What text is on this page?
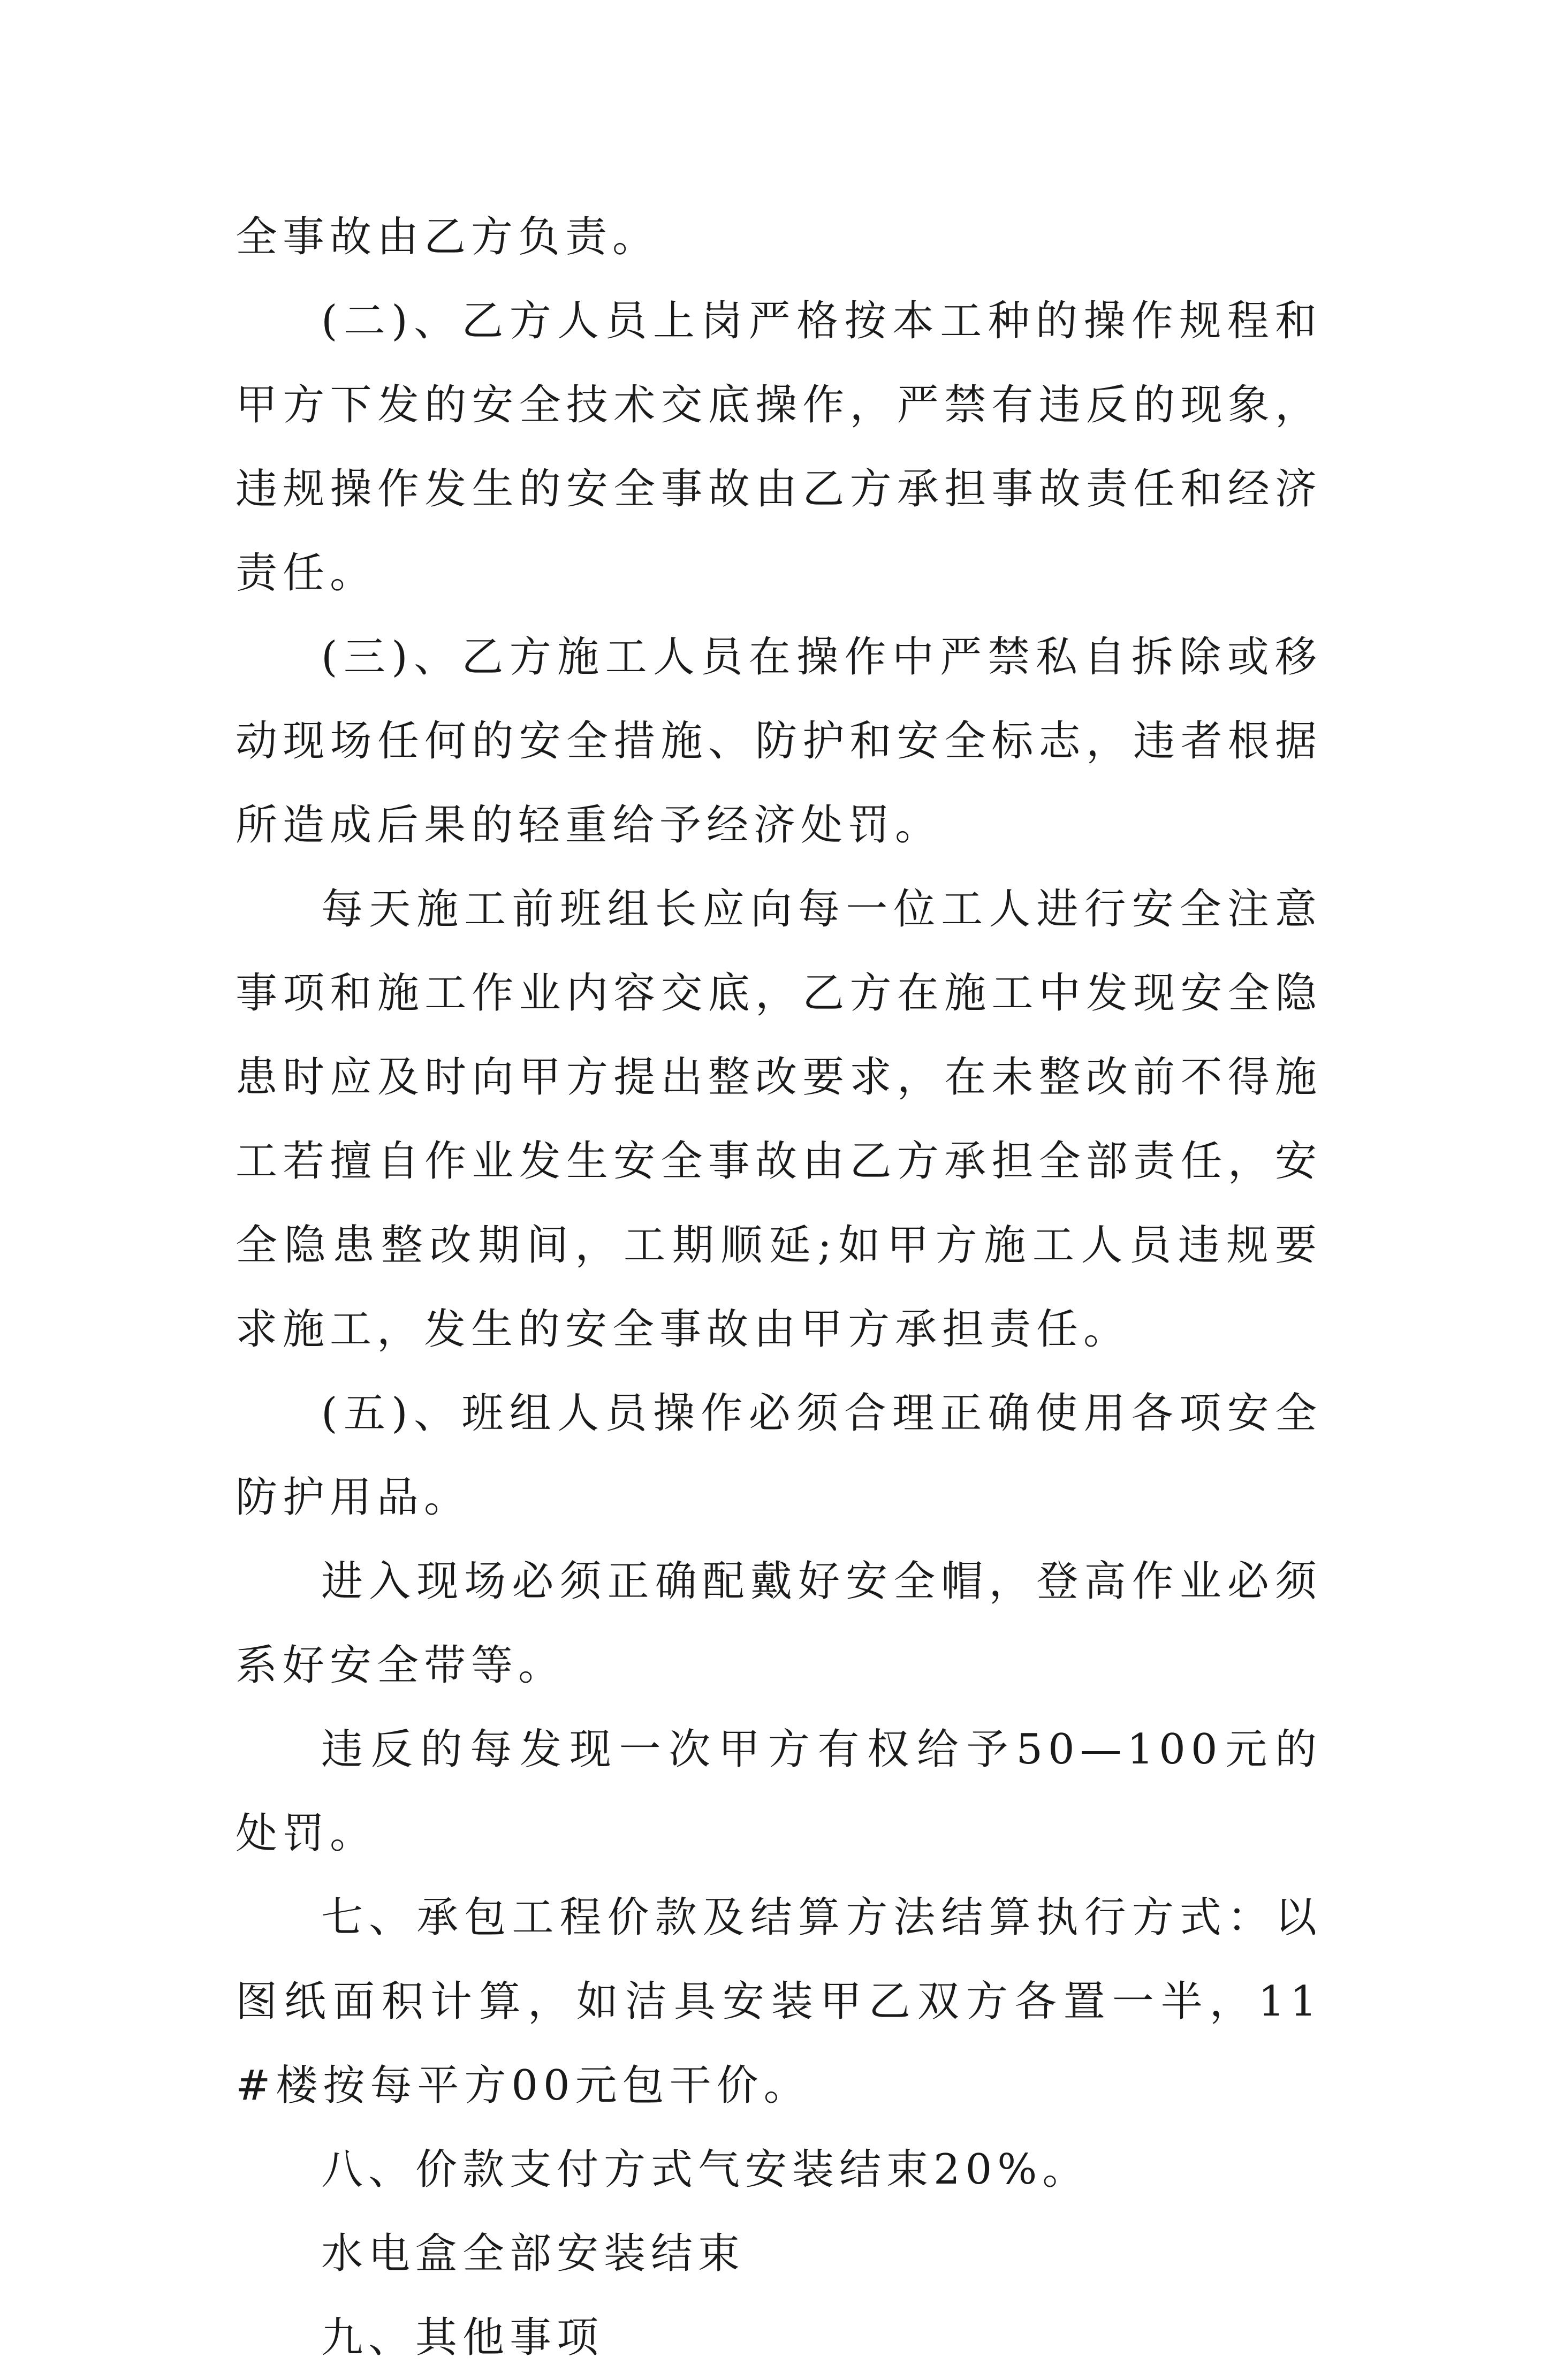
全事故由乙方负责。

(二)、乙方人员上岗严格按本工种的操作规程和甲方下发的安全技术交底操作，严禁有违反的现象，违规操作发生的安全事故由乙方承担事故责任和经济责任。

(三)、乙方施工人员在操作中严禁私自拆除或移动现场任何的安全措施、防护和安全标志，违者根据所造成后果的轻重给予经济处罚。

每天施工前班组长应向每一位工人进行安全注意事项和施工作业内容交底，乙方在施工中发现安全隐患时应及时向甲方提出整改要求，在未整改前不得施工若擅自作业发生安全事故由乙方承担全部责任，安全隐患整改期间，工期顺延;如甲方施工人员违规要求施工，发生的安全事故由甲方承担责任。

(五)、班组人员操作必须合理正确使用各项安全防护用品。

进入现场必须正确配戴好安全帽，登高作业必须系好安全带等。

违反的每发现一次甲方有权给予50—100元的处罚。

七、承包工程价款及结算方法结算执行方式：以图纸面积计算，如洁具安装甲乙双方各置一半，11#楼按每平方00元包干价。

八、价款支付方式气安装结束20%。

水电盒全部安装结束

九、其他事项
